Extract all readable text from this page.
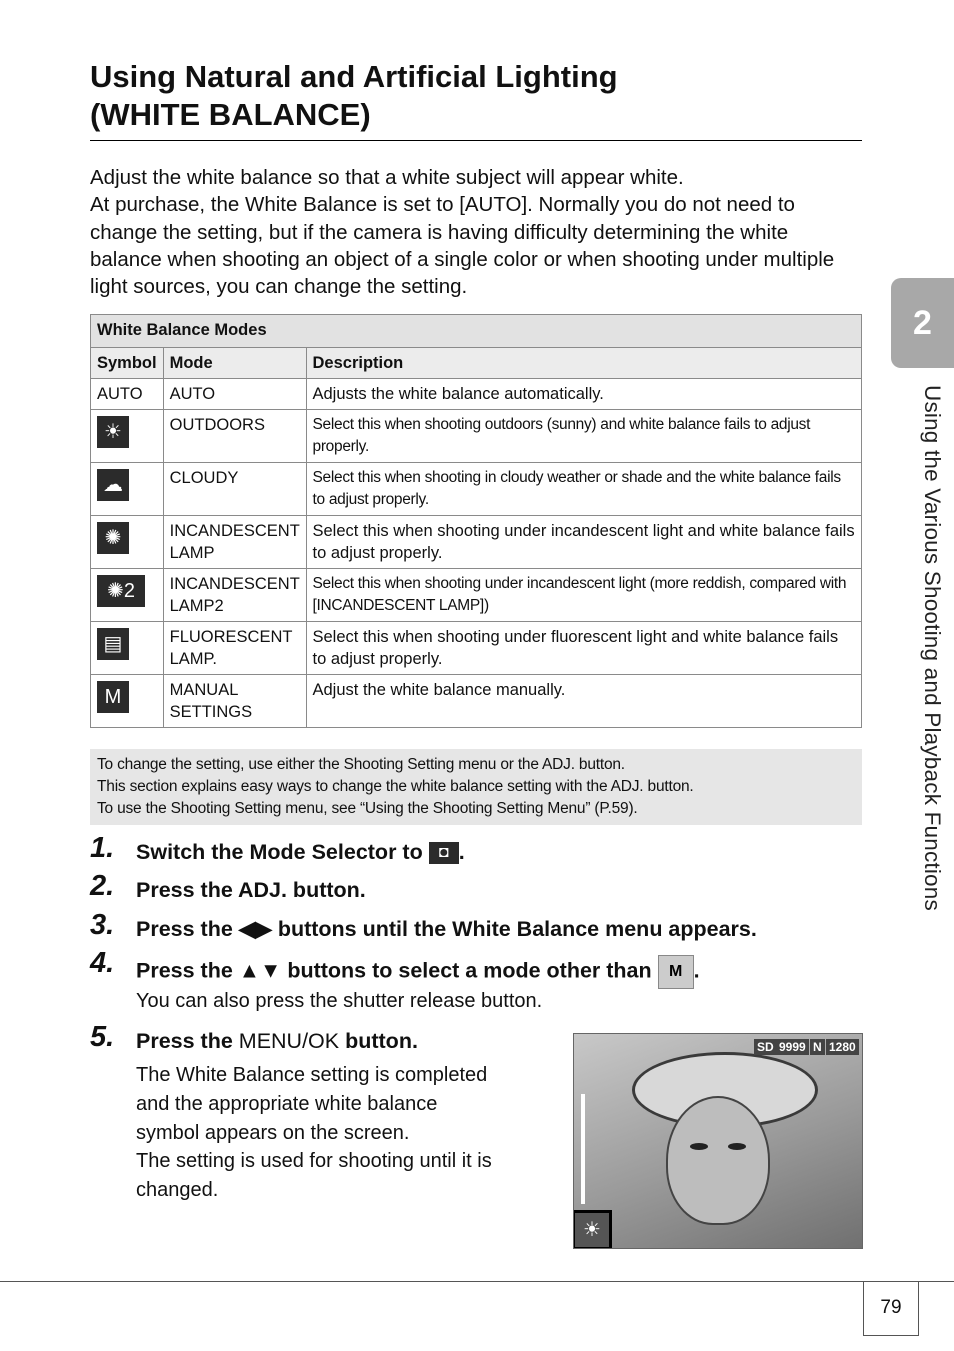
Using Natural and Artificial Lighting
(WHITE BALANCE)

Adjust the white balance so that a white subject will appear white.

At purchase, the White Balance is set to [AUTO]. Normally you do not need to change the setting, but if the camera is having difficulty determining the white balance when shooting an object of a single color or when shooting under multiple light sources, you can change the setting.

2
Using the Various Shooting and Playback Functions
White Balance Modes		
Symbol	Mode	Description
AUTO	AUTO	Adjusts the white balance automatically.
☀	OUTDOORS	Select this when shooting outdoors (sunny) and white balance fails to adjust properly.
☁	CLOUDY	Select this when shooting in cloudy weather or shade and the white balance fails to adjust properly.
✺	INCANDESCENT LAMP	Select this when shooting under incandescent light and white balance fails to adjust properly.
✺2	INCANDESCENT LAMP2	Select this when shooting under incandescent light (more reddish, compared with [INCANDESCENT LAMP])
▤	FLUORESCENT LAMP.	Select this when shooting under fluorescent light and white balance fails to adjust properly.
M	MANUAL SETTINGS	Adjust the white balance manually.

To change the setting, use either the Shooting Setting menu or the ADJ. button.

This section explains easy ways to change the white balance setting with the ADJ. button.

To use the Shooting Setting menu, see “Using the Shooting Setting Menu” (P.59).

1. Switch the Mode Selector to ◘ .
2. Press the ADJ. button.
3. Press the ◀▶ buttons until the White Balance menu appears.
4. Press the ▲▼ buttons to select a mode other than M .
You can also press the shutter release button.
5. Press the MENU/OK button.

The White Balance setting is completed

and the appropriate white balance

symbol appears on the screen.

The setting is used for shooting until it is

changed.

SD 9999 N 1280
☀
79
